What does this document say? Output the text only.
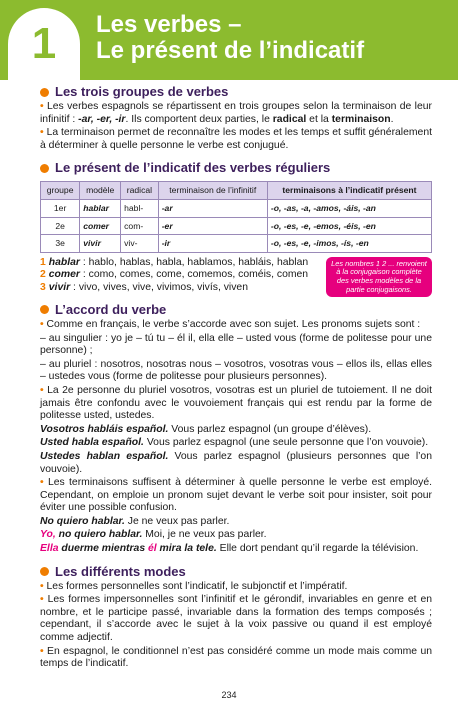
1	Les verbes –
Le présent de l’indicatif
Les trois groupes de verbes
• Les verbes espagnols se répartissent en trois groupes selon la terminaison de leur infinitif : -ar, -er, -ir. Ils comportent deux parties, le radical et la terminaison.
• La terminaison permet de reconnaître les modes et les temps et suffit généralement à déterminer à quelle personne le verbe est conjugué.
Le présent de l’indicatif des verbes réguliers
groupe	modèle	radical	terminaison de l’infinitif	terminaisons à l’indicatif présent
1er	hablar	habl-	-ar	-o, -as, -a, -amos, -áis, -an
2e	comer	com-	-er	-o, -es, -e, -emos, -éis, -en
3e	vivir	viv-	-ir	-o, -es, -e, -imos, -ís, -en
1 hablar : hablo, hablas, habla, hablamos, habláis, hablan
2 comer : como, comes, come, comemos, coméis, comen
3 vivir : vivo, vives, vive, vivimos, vivís, viven
Les nombres 1 2 ... renvoient à la conjugaison complète des verbes modèles de la partie conjugaisons.
L’accord du verbe
• Comme en français, le verbe s’accorde avec son sujet. Les pronoms sujets sont :
– au singulier : yo je – tú tu – él il, ella elle – usted vous (forme de politesse pour une personne) ;
– au pluriel : nosotros, nosotras nous – vosotros, vosotras vous – ellos ils, ellas elles – ustedes vous (forme de politesse pour plusieurs personnes).
• La 2e personne du pluriel vosotros, vosotras est un pluriel de tutoiement. Il ne doit jamais être confondu avec le vouvoiement français qui est rendu par la forme de politesse usted, ustedes.
Vosotros habláis español. Vous parlez espagnol (un groupe d’élèves).
Usted habla español. Vous parlez espagnol (une seule personne que l’on vouvoie).
Ustedes hablan español. Vous parlez espagnol (plusieurs personnes que l’on vouvoie).
• Les terminaisons suffisent à déterminer à quelle personne le verbe est employé. Cependant, on emploie un pronom sujet devant le verbe soit pour insister, soit pour éviter une possible confusion.
No quiero hablar. Je ne veux pas parler.
Yo, no quiero hablar. Moi, je ne veux pas parler.
Ella duerme mientras él mira la tele. Elle dort pendant qu’il regarde la télévision.
Les différents modes
• Les formes personnelles sont l’indicatif, le subjonctif et l’impératif.
• Les formes impersonnelles sont l’infinitif et le gérondif, invariables en genre et en nombre, et le participe passé, invariable dans la formation des temps composés ; cependant, il s’accorde avec le sujet à la voix passive ou quand il est employé comme adjectif.
• En espagnol, le conditionnel n’est pas considéré comme un mode mais comme un temps de l’indicatif.
234
